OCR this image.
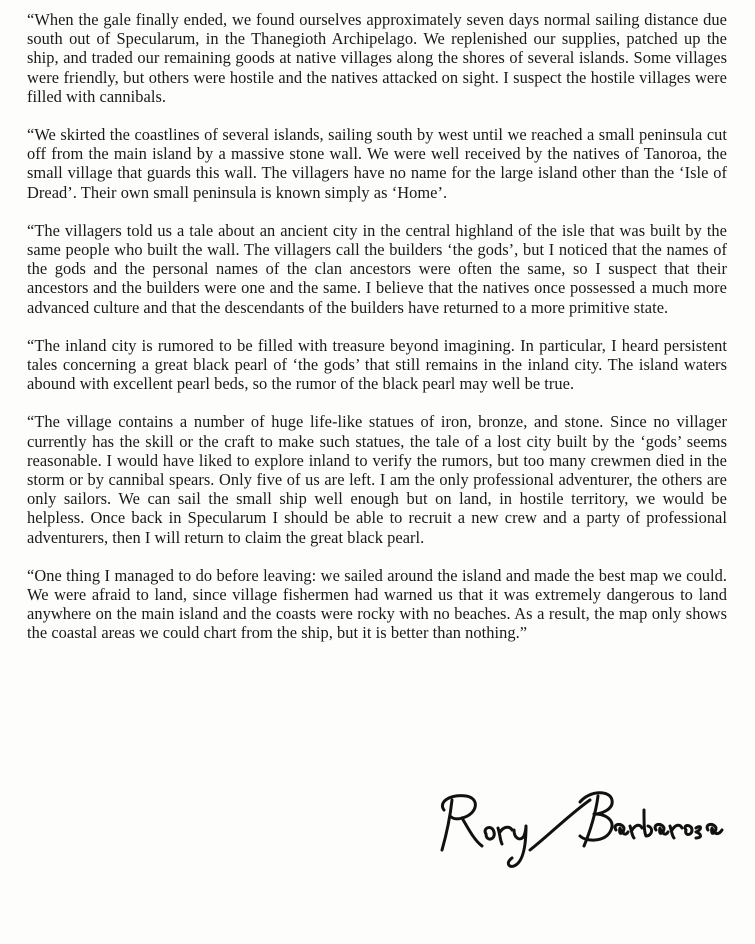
“When the gale finally ended, we found ourselves approximately seven days normal sailing distance due south out of Specularum, in the Thanegioth Archipelago. We replenished our supplies, patched up the ship, and traded our remaining goods at native villages along the shores of several islands. Some villages were friendly, but others were hostile and the natives attacked on sight. I suspect the hostile villages were filled with cannibals.

“We skirted the coastlines of several islands, sailing south by west until we reached a small peninsula cut off from the main island by a massive stone wall. We were well received by the natives of Tanoroa, the small village that guards this wall. The villagers have no name for the large island other than the ‘Isle of Dread’. Their own small peninsula is known simply as ‘Home’.

“The villagers told us a tale about an ancient city in the central highland of the isle that was built by the same people who built the wall. The villagers call the builders ‘the gods’, but I noticed that the names of the gods and the personal names of the clan ancestors were often the same, so I suspect that their ancestors and the builders were one and the same. I believe that the natives once possessed a much more advanced culture and that the descendants of the builders have returned to a more primitive state.

“The inland city is rumored to be filled with treasure beyond imagining. In particular, I heard persistent tales concerning a great black pearl of ‘the gods’ that still remains in the inland city. The island waters abound with excellent pearl beds, so the rumor of the black pearl may well be true.

“The village contains a number of huge life-like statues of iron, bronze, and stone. Since no villager currently has the skill or the craft to make such statues, the tale of a lost city built by the ‘gods’ seems reasonable. I would have liked to explore inland to verify the rumors, but too many crewmen died in the storm or by cannibal spears. Only five of us are left. I am the only professional adventurer, the others are only sailors. We can sail the small ship well enough but on land, in hostile territory, we would be helpless. Once back in Specularum I should be able to recruit a new crew and a party of professional adventurers, then I will return to claim the great black pearl.

“One thing I managed to do before leaving: we sailed around the island and made the best map we could. We were afraid to land, since village fishermen had warned us that it was extremely dangerous to land anywhere on the main island and the coasts were rocky with no beaches. As a result, the map only shows the coastal areas we could chart from the ship, but it is better than nothing.”
